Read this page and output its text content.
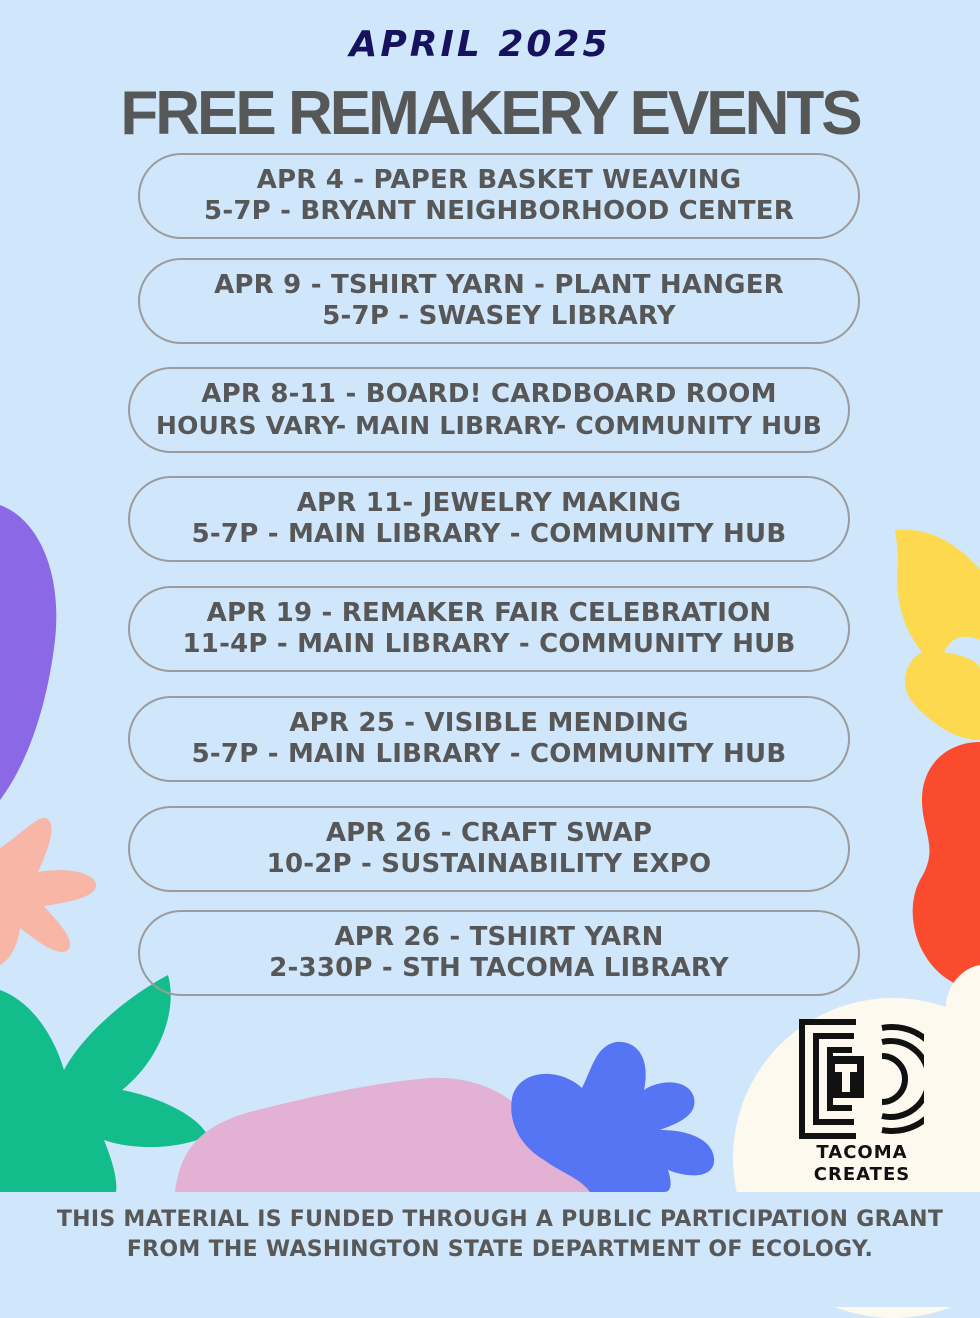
APRIL 2025
FREE REMAKERY EVENTS
APR 4 - PAPER BASKET WEAVING
5-7P - BRYANT NEIGHBORHOOD CENTER
APR 9 - TSHIRT YARN - PLANT HANGER
5-7P - SWASEY LIBRARY
APR 8-11 - BOARD! CARDBOARD ROOM
HOURS VARY- MAIN LIBRARY- COMMUNITY HUB
APR 11- JEWELRY MAKING
5-7P - MAIN LIBRARY - COMMUNITY HUB
APR 19 - REMAKER FAIR CELEBRATION
11-4P - MAIN LIBRARY - COMMUNITY HUB
APR 25 - VISIBLE MENDING
5-7P - MAIN LIBRARY - COMMUNITY HUB
APR 26 - CRAFT SWAP
10-2P - SUSTAINABILITY EXPO
APR 26 - TSHIRT YARN
2-330P - STH TACOMA LIBRARY
TACOMA
CREATES
THIS MATERIAL IS FUNDED THROUGH A PUBLIC PARTICIPATION GRANT
FROM THE WASHINGTON STATE DEPARTMENT OF ECOLOGY.
